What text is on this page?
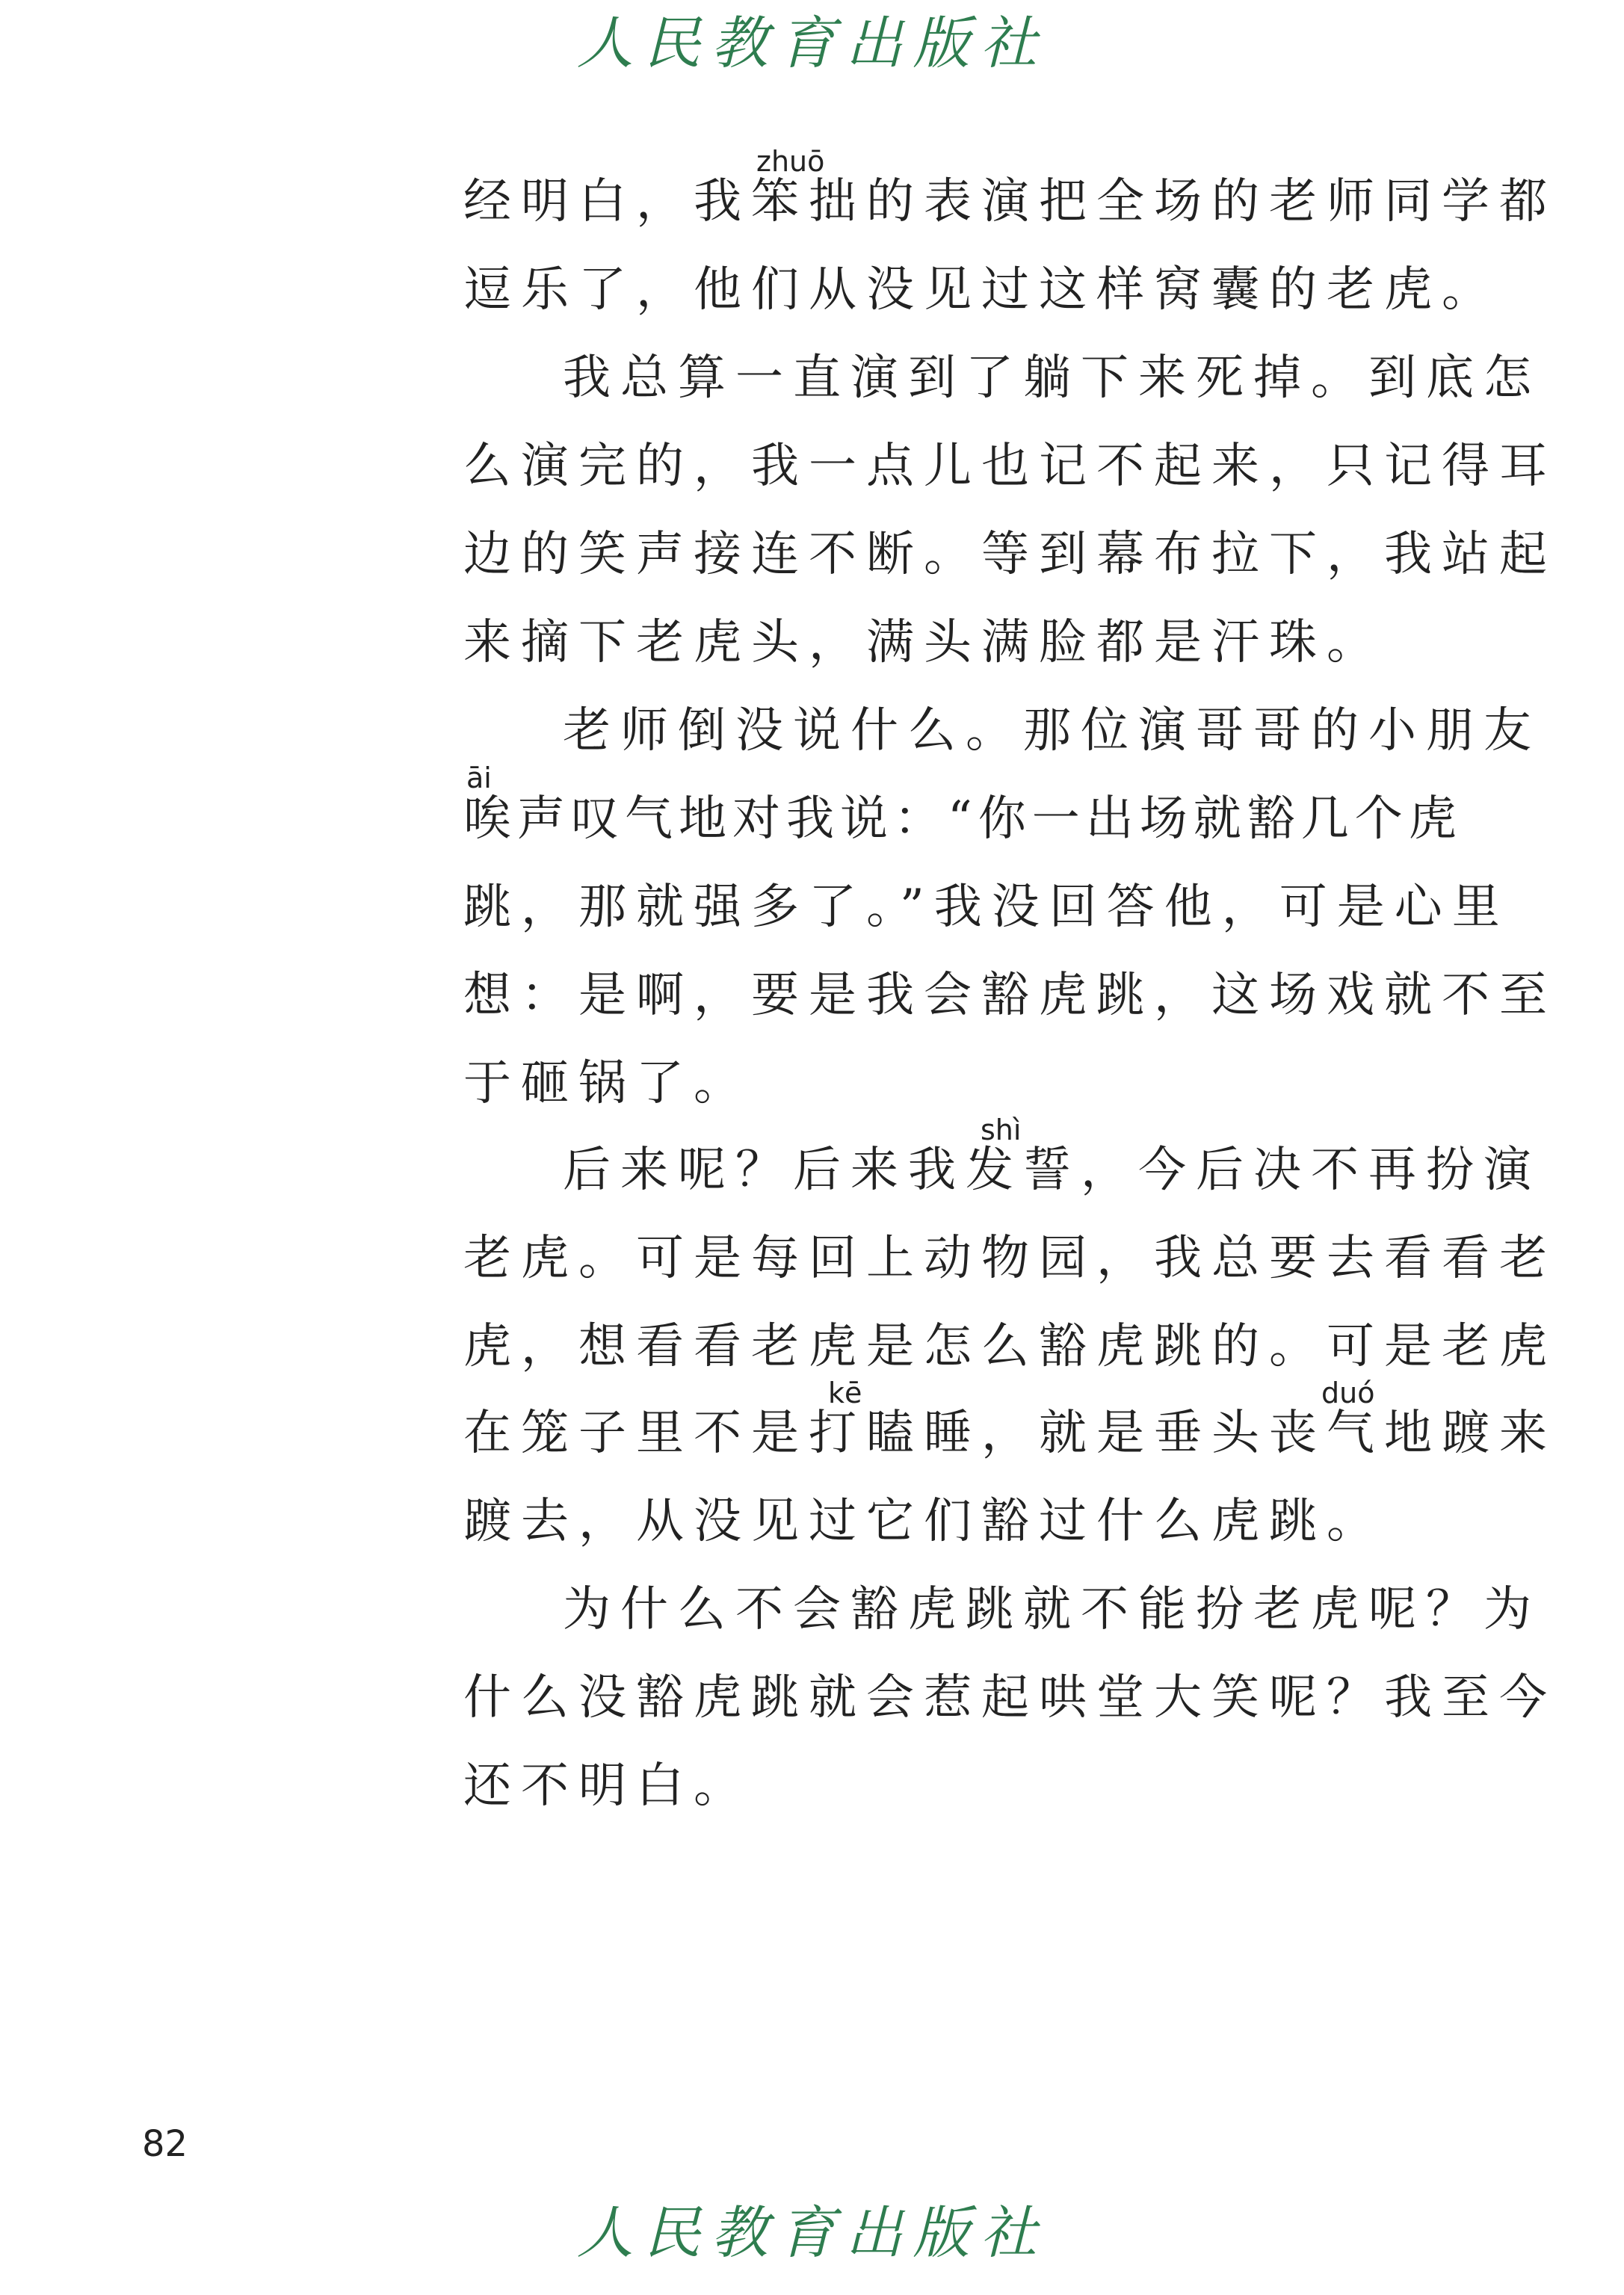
人民教育出版社
zhuō
经明白，我笨拙的表演把全场的老师同学都
逗乐了，他们从没见过这样窝囊的老虎。
我总算一直演到了躺下来死掉。到底怎
么演完的，我一点儿也记不起来，只记得耳
边的笑声接连不断。等到幕布拉下，我站起
来摘下老虎头，满头满脸都是汗珠。
老师倒没说什么。那位演哥哥的小朋友
āi
唉声叹气地对我说：“你一出场就豁几个虎
跳，那就强多了。”我没回答他，可是心里
想：是啊，要是我会豁虎跳，这场戏就不至
于砸锅了。
shì
后来呢？后来我发誓，今后决不再扮演
老虎。可是每回上动物园，我总要去看看老
虎，想看看老虎是怎么豁虎跳的。可是老虎
kē	duó
在笼子里不是打瞌睡，就是垂头丧气地踱来
踱去，从没见过它们豁过什么虎跳。
为什么不会豁虎跳就不能扮老虎呢？为
什么没豁虎跳就会惹起哄堂大笑呢？我至今
还不明白。
82
人民教育出版社
